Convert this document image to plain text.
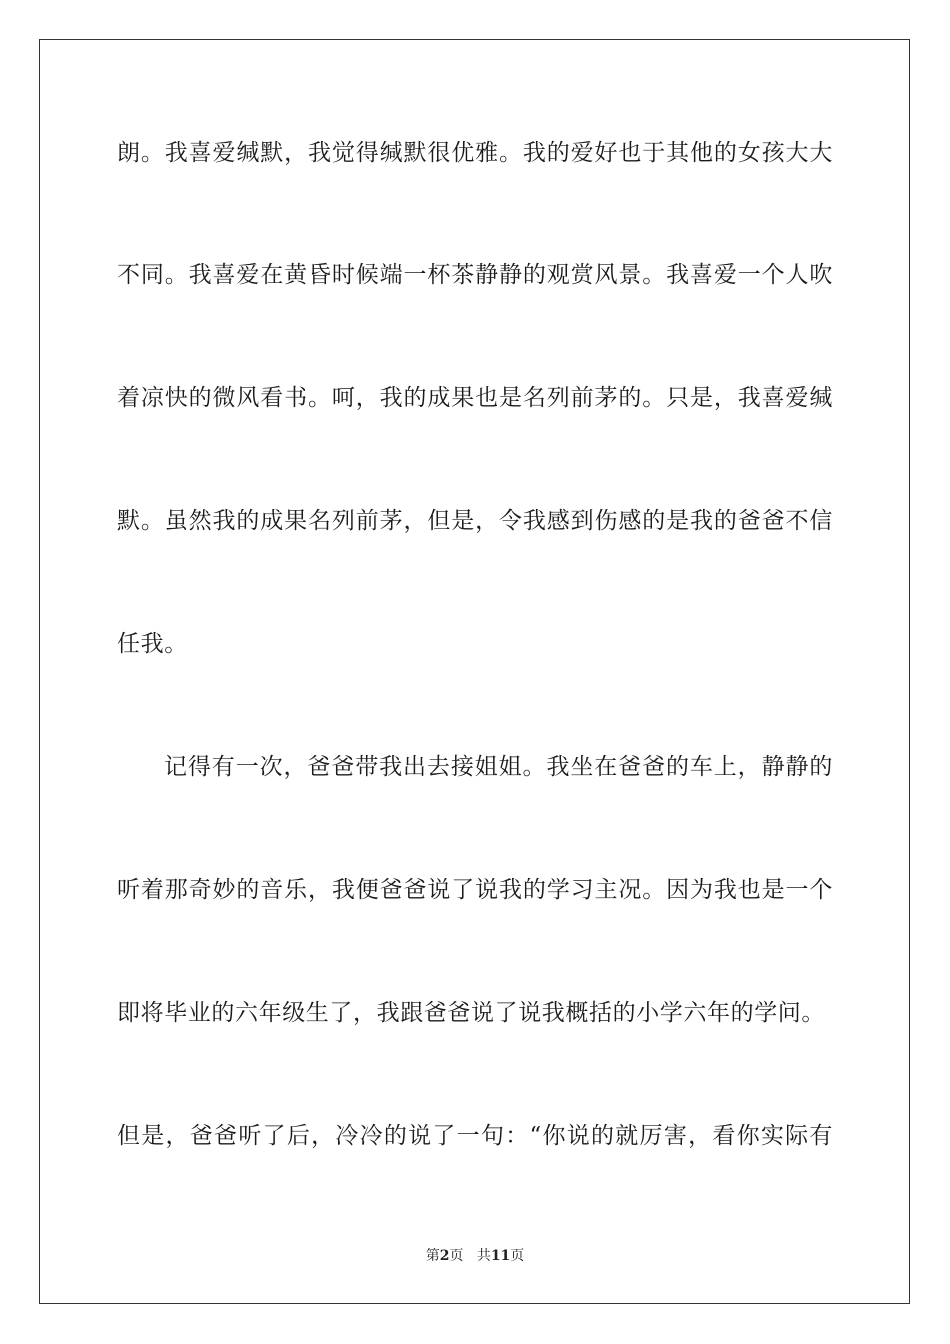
朗。我喜爱缄默，我觉得缄默很优雅。我的爱好也于其他的女孩大大
不同。我喜爱在黄昏时候端一杯茶静静的观赏风景。我喜爱一个人吹
着凉快的微风看书。呵，我的成果也是名列前茅的。只是，我喜爱缄
默。虽然我的成果名列前茅，但是，令我感到伤感的是我的爸爸不信
任我。
记得有一次，爸爸带我出去接姐姐。我坐在爸爸的车上，静静的
听着那奇妙的音乐，我便爸爸说了说我的学习主况。因为我也是一个
即将毕业的六年级生了，我跟爸爸说了说我概括的小学六年的学问。
但是，爸爸听了后，冷冷的说了一句：“你说的就厉害，看你实际有
第2页 共11页
